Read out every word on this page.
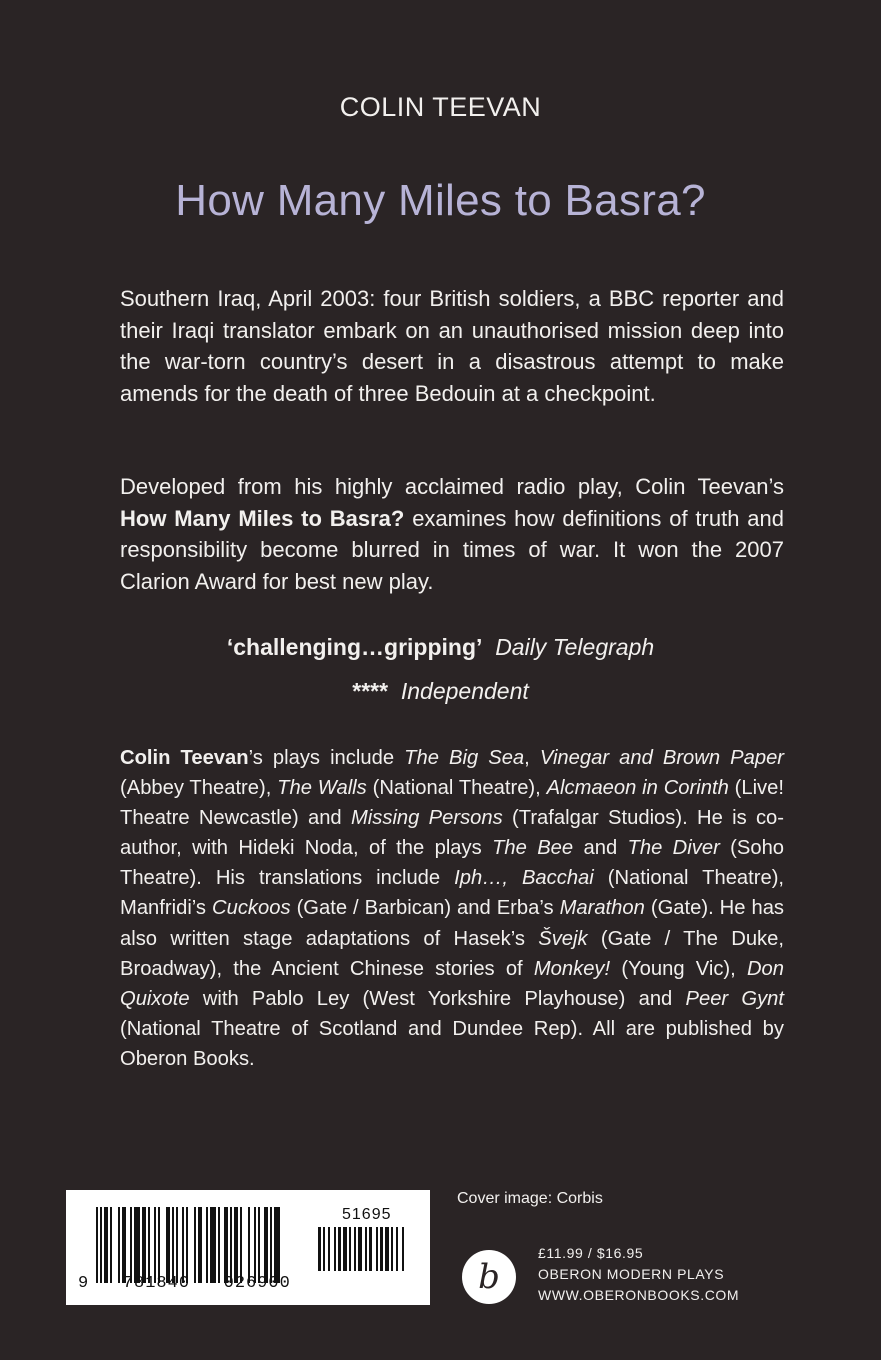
COLIN TEEVAN
How Many Miles to Basra?
Southern Iraq, April 2003: four British soldiers, a BBC reporter and their Iraqi translator embark on an unauthorised mission deep into the war-torn country’s desert in a disastrous attempt to make amends for the death of three Bedouin at a checkpoint.
Developed from his highly acclaimed radio play, Colin Teevan’s How Many Miles to Basra? examines how definitions of truth and responsibility become blurred in times of war. It won the 2007 Clarion Award for best new play.
‘challenging…gripping’ Daily Telegraph
**** Independent
Colin Teevan’s plays include The Big Sea, Vinegar and Brown Paper (Abbey Theatre), The Walls (National Theatre), Alcmaeon in Corinth (Live! Theatre Newcastle) and Missing Persons (Trafalgar Studios). He is co-author, with Hideki Noda, of the plays The Bee and The Diver (Soho Theatre). His translations include Iph…, Bacchai (National Theatre), Manfridi’s Cuckoos (Gate / Barbican) and Erba’s Marathon (Gate). He has also written stage adaptations of Hasek’s Švejk (Gate / The Duke, Broadway), the Ancient Chinese stories of Monkey! (Young Vic), Don Quixote with Pablo Ley (West Yorkshire Playhouse) and Peer Gynt (National Theatre of Scotland and Dundee Rep). All are published by Oberon Books.
9   781840   026900
51695
Cover image: Corbis
b
£11.99 / $16.95
OBERON MODERN PLAYS
WWW.OBERONBOOKS.COM
